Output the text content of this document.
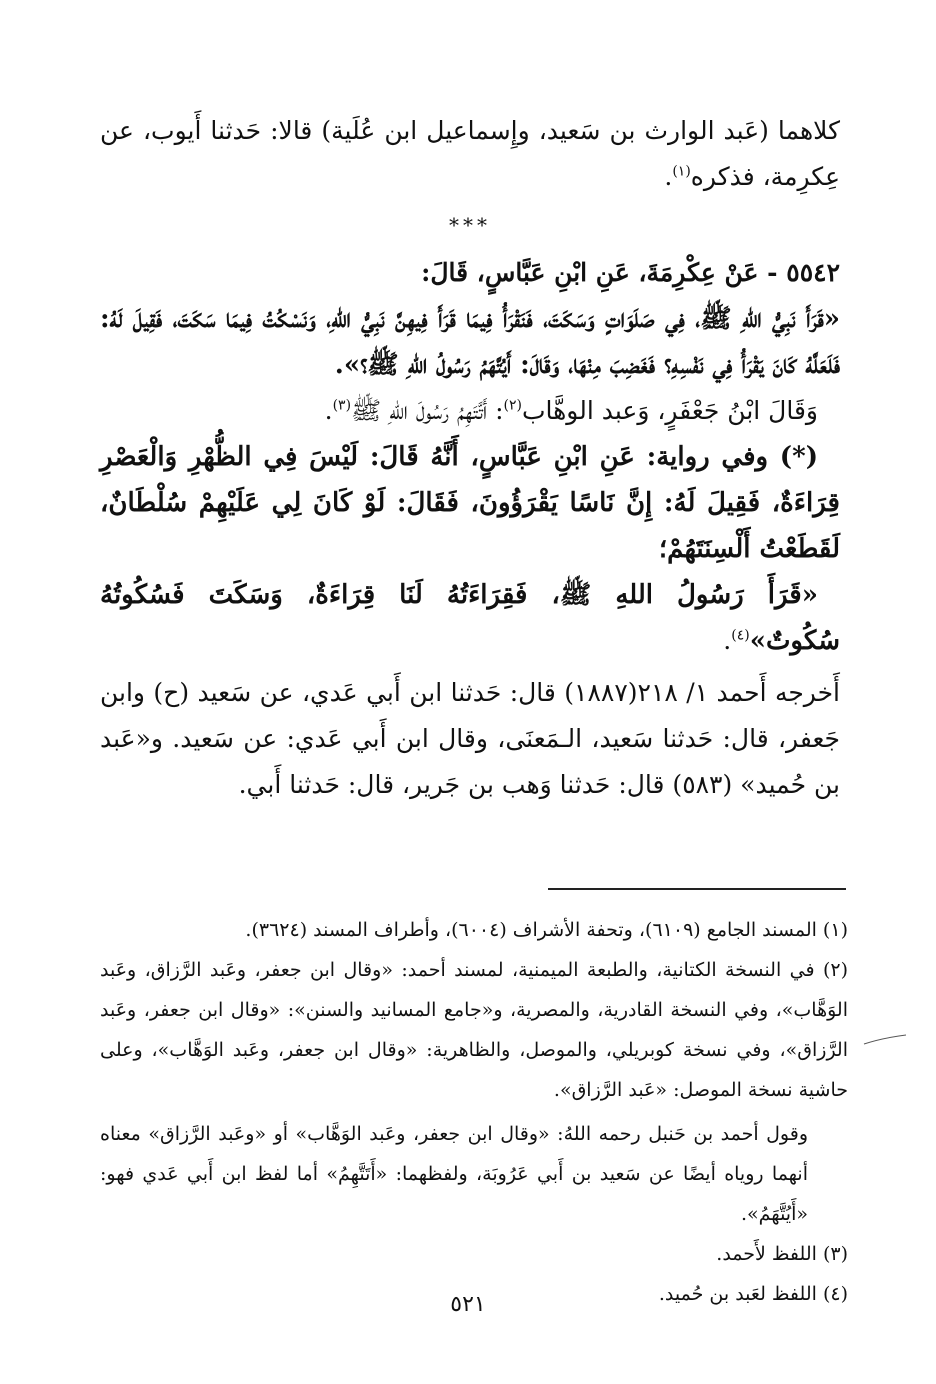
كلاهما (عَبد الوارث بن سَعيد، وإِسماعيل ابن عُلَية) قالا: حَدثنا أَيوب، عن عِكرِمة، فذكره$^{(١)}$.

***

٥٥٤٢ - عَنْ عِكْرِمَةَ، عَنِ ابْنِ عَبَّاسٍ، قَالَ:

«قَرَأَ نَبِيُّ اللهِ ﷺ، فِي صَلَوَاتٍ وَسَكَتَ، فَنَقْرَأُ فِيمَا قَرَأَ فِيهِنَّ نَبِيُّ اللهِ، وَنَسْكُتُ فِيمَا سَكَتَ، فَقِيلَ لَهُ: فَلَعَلَّهُ كَانَ يَقْرَأُ فِي نَفْسِهِ؟ فَغَضِبَ مِنْهَا، وَقَالَ: أَيُتَّهَمُ رَسُولُ اللهِ ﷺ؟».

وَقَالَ ابْنُ جَعْفَرٍ، وَعبد الوهَّاب$^{(٢)}$: أَتَّتَهِمُ رَسُولَ اللهِ ﷺ$^{(٣)}$.

(*) وفي رواية: عَنِ ابْنِ عَبَّاسٍ، أَنَّهُ قَالَ: لَيْسَ فِي الظُّهْرِ وَالْعَصْرِ قِرَاءَةٌ، فَقِيلَ لَهُ: إِنَّ نَاسًا يَقْرَؤُونَ، فَقَالَ: لَوْ كَانَ لِي عَلَيْهِمْ سُلْطَانٌ، لَقَطَعْتُ أَلْسِنَتَهُمْ؛

«قَرَأَ رَسُولُ اللهِ ﷺ، فَقِرَاءَتُهُ لَنَا قِرَاءَةٌ، وَسَكَتَ فَسُكُوتُهُ سُكُوتٌ»$^{(٤)}$.

أَخرجه أَحمد ١/ ٢١٨(١٨٨٧) قال: حَدثنا ابن أَبي عَدي، عن سَعيد (ح) وابن جَعفر، قال: حَدثنا سَعيد، الـمَعنَى، وقال ابن أَبي عَدي: عن سَعيد. و«عَبد بن حُميد» (٥٨٣) قال: حَدثنا وَهب بن جَرير، قال: حَدثنا أَبي.

(١) المسند الجامع (٦١٠٩)، وتحفة الأشراف (٦٠٠٤)، وأطراف المسند (٣٦٢٤).

(٢) في النسخة الكتانية، والطبعة الميمنية، لمسند أحمد: «وقال ابن جعفر، وعَبد الرَّزاق، وعَبد الوَهَّاب»، وفي النسخة القادرية، والمصرية، و«جامع المسانيد والسنن»: «وقال ابن جعفر، وعَبد الرَّزاق»، وفي نسخة كوبريلي، والموصل، والظاهرية: «وقال ابن جعفر، وعَبد الوَهَّاب»، وعلى حاشية نسخة الموصل: «عَبد الرَّزاق».

وقول أحمد بن حَنبل رحمه اللهُ: «وقال ابن جعفر، وعَبد الوَهَّاب» أو «وعَبد الرَّزاق» معناه أنهما روياه أيضًا عن سَعيد بن أَبي عَرُوبَة، ولفظهما: «أَتَتَّهِمُ» أما لفظ ابن أَبي عَدي فهو: «أَيُتَّهَمُ».

(٣) اللفظ لأَحمد.

(٤) اللفظ لعَبد بن حُميد.

٥٢١
